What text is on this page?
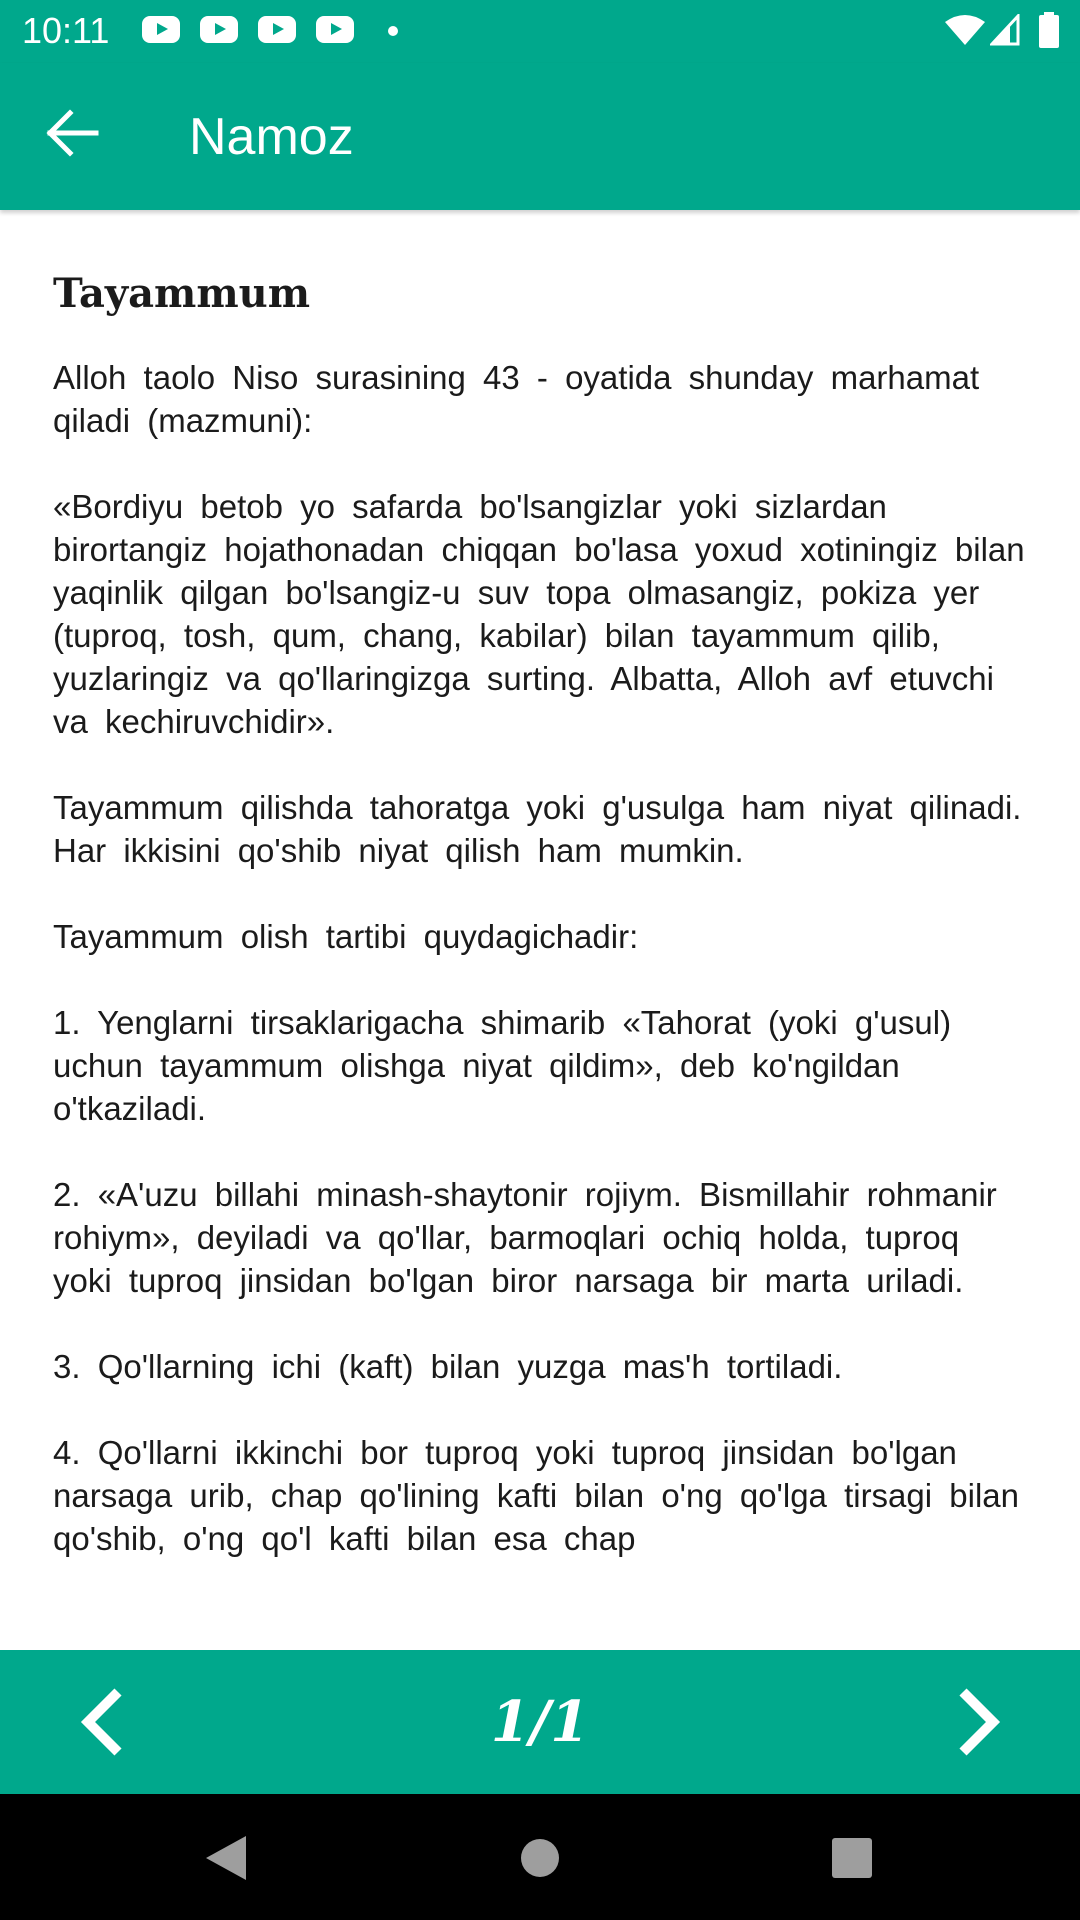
10:11
Namoz
Tayammum

Alloh taolo Niso surasining 43 - oyatida shunday marhamat qiladi (mazmuni):

«Bordiyu betob yo safarda bo'lsangizlar yoki sizlardan birortangiz hojathonadan chiqqan bo'lasa yoxud xotiningiz bilan yaqinlik qilgan bo'lsangiz-u suv topa olmasangiz, pokiza yer (tuproq, tosh, qum, chang, kabilar) bilan tayammum qilib, yuzlaringiz va qo'llaringizga surting. Albatta, Alloh avf etuvchi va kechiruvchidir».

Tayammum qilishda tahoratga yoki g'usulga ham niyat qilinadi. Har ikkisini qo'shib niyat qilish ham mumkin.

Tayammum olish tartibi quydagichadir:

1. Yenglarni tirsaklarigacha shimarib «Tahorat (yoki g'usul) uchun tayammum olishga niyat qildim», deb ko'ngildan o'tkaziladi.

2. «A'uzu billahi minash-shaytonir rojiym. Bismillahir rohmanir rohiym», deyiladi va qo'llar, barmoqlari ochiq holda, tuproq yoki tuproq jinsidan bo'lgan biror narsaga bir marta uriladi.

3. Qo'llarning ichi (kaft) bilan yuzga mas'h tortiladi.

4. Qo'llarni ikkinchi bor tuproq yoki tuproq jinsidan bo'lgan narsaga urib, chap qo'lining kafti bilan o'ng qo'lga tirsagi bilan qo'shib, o'ng qo'l kafti bilan esa chap

1/1
